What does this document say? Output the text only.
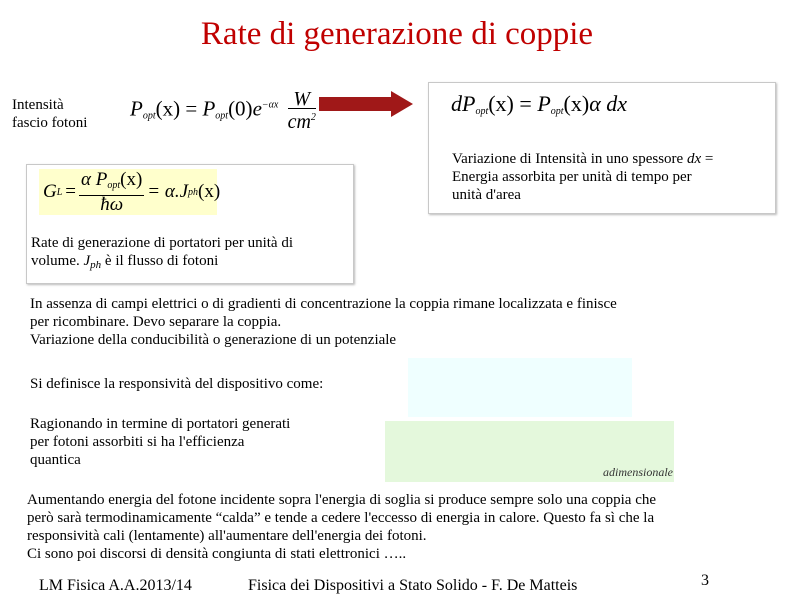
Rate di generazione di coppie
Intensità
fascio fotoni
$P_{opt}(x) = P_{opt}(0)e^{-\alpha x} \frac{W}{cm^2}$	$dP_{opt}(x) = P_{opt}(x)\alpha$ dx
Variazione di Intensità in uno spessore dx =
Energia assorbita per unità di tempo per
unità d'area
G $L = \frac{\alpha P_{opt}(x)}{ħ\omega} = \alpha.J$ ph (x)
Rate di generazione di portatori per unità di
volume. $J_{ph}$ è il flusso di fotoni
In assenza di campi elettrici o di gradienti di concentrazione la coppia rimane localizzata e finisce
per ricombinare. Devo separare la coppia.
Variazione della conducibilità o generazione di un potenziale
Si definisce la responsività del dispositivo come:
Ragionando in termine di portatori generati
per fotoni assorbiti si ha l'efficienza
quantica
adimensionale
Aumentando energia del fotone incidente sopra l'energia di soglia si produce sempre solo una coppia che
però sarà termodinamicamente “calda” e tende a cedere l'eccesso di energia in calore. Questo fa sì che la
responsività cali (lentamente) all'aumentare dell'energia dei fotoni.
Ci sono poi discorsi di densità congiunta di stati elettronici …..
LM Fisica A.A.2013/14	Fisica dei Dispositivi a Stato Solido - F. De Matteis	3
